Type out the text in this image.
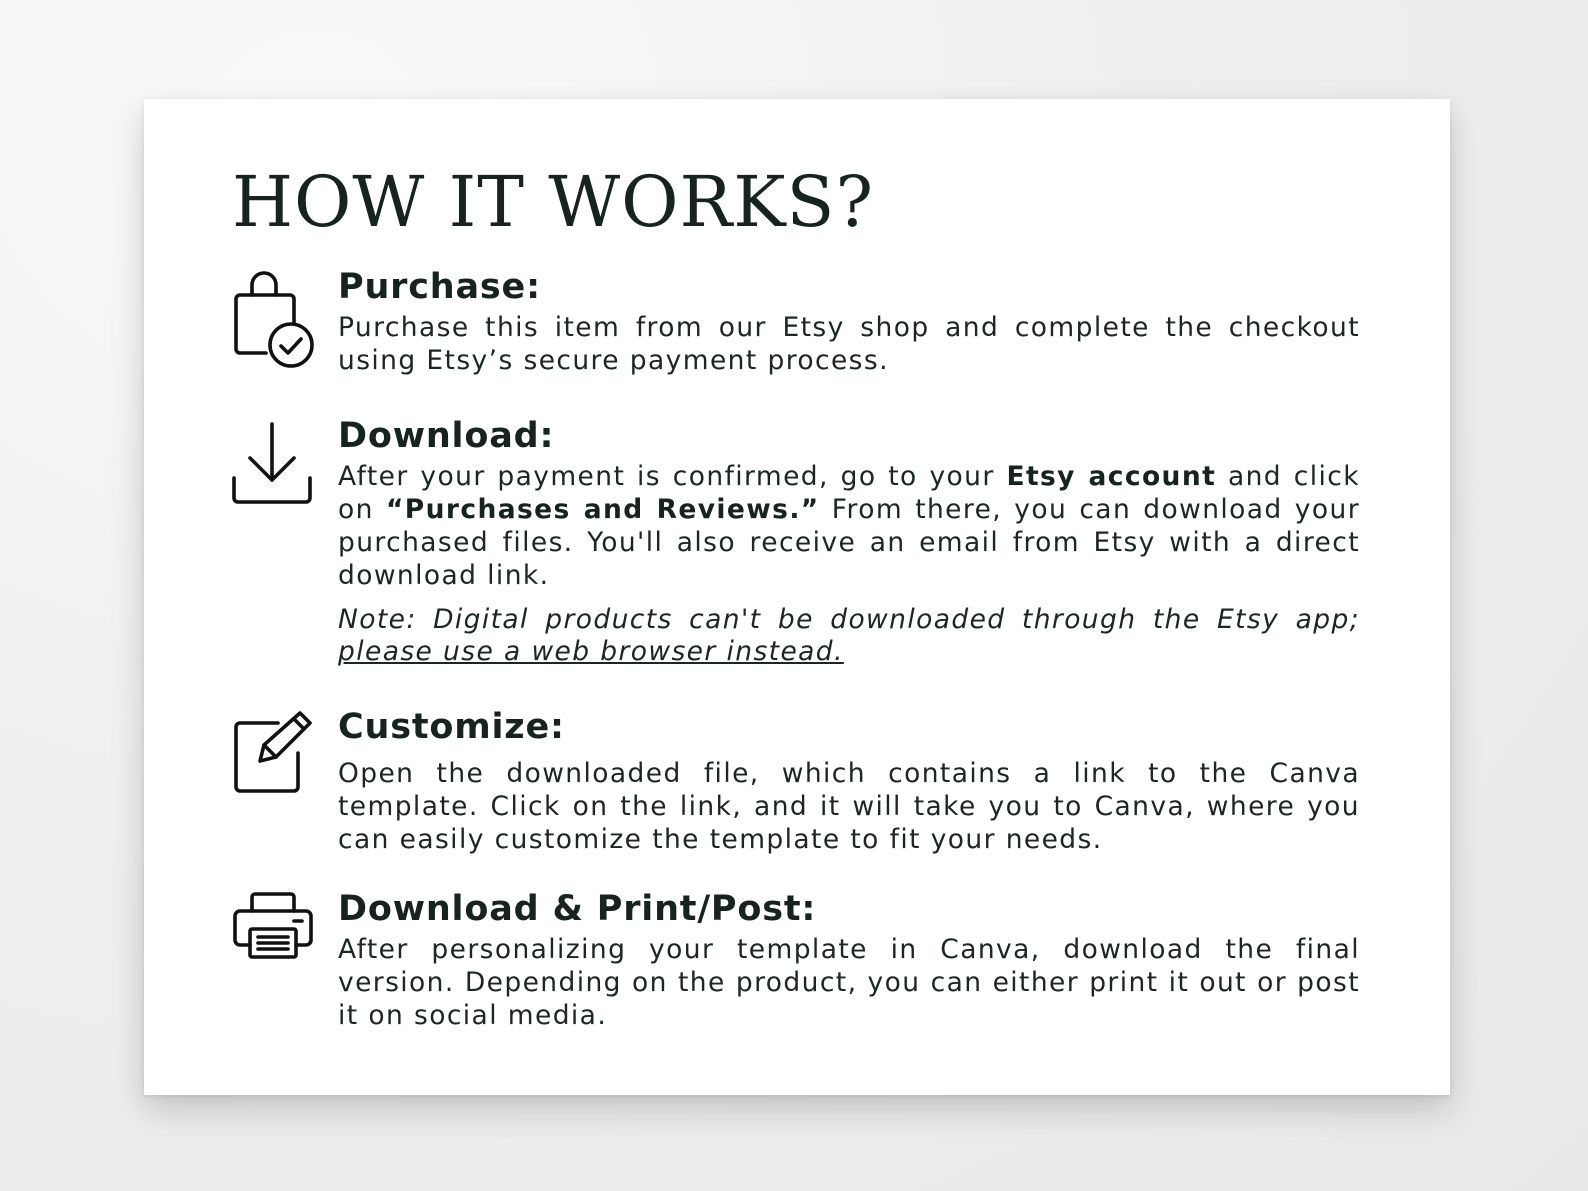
HOW IT WORKS?
Purchase:

Purchase this item from our Etsy shop and complete the checkout using Etsy’s secure payment process.

Download:

After your payment is confirmed, go to your Etsy account and click on “Purchases and Reviews.” From there, you can download your purchased files. You'll also receive an email from Etsy with a direct download link.

Note: Digital products can't be downloaded through the Etsy app; please use a web browser instead.

Customize:

Open the downloaded file, which contains a link to the Canva template. Click on the link, and it will take you to Canva, where you can easily customize the template to fit your needs.

Download & Print/Post:

After personalizing your template in Canva, download the final version. Depending on the product, you can either print it out or post it on social media.
